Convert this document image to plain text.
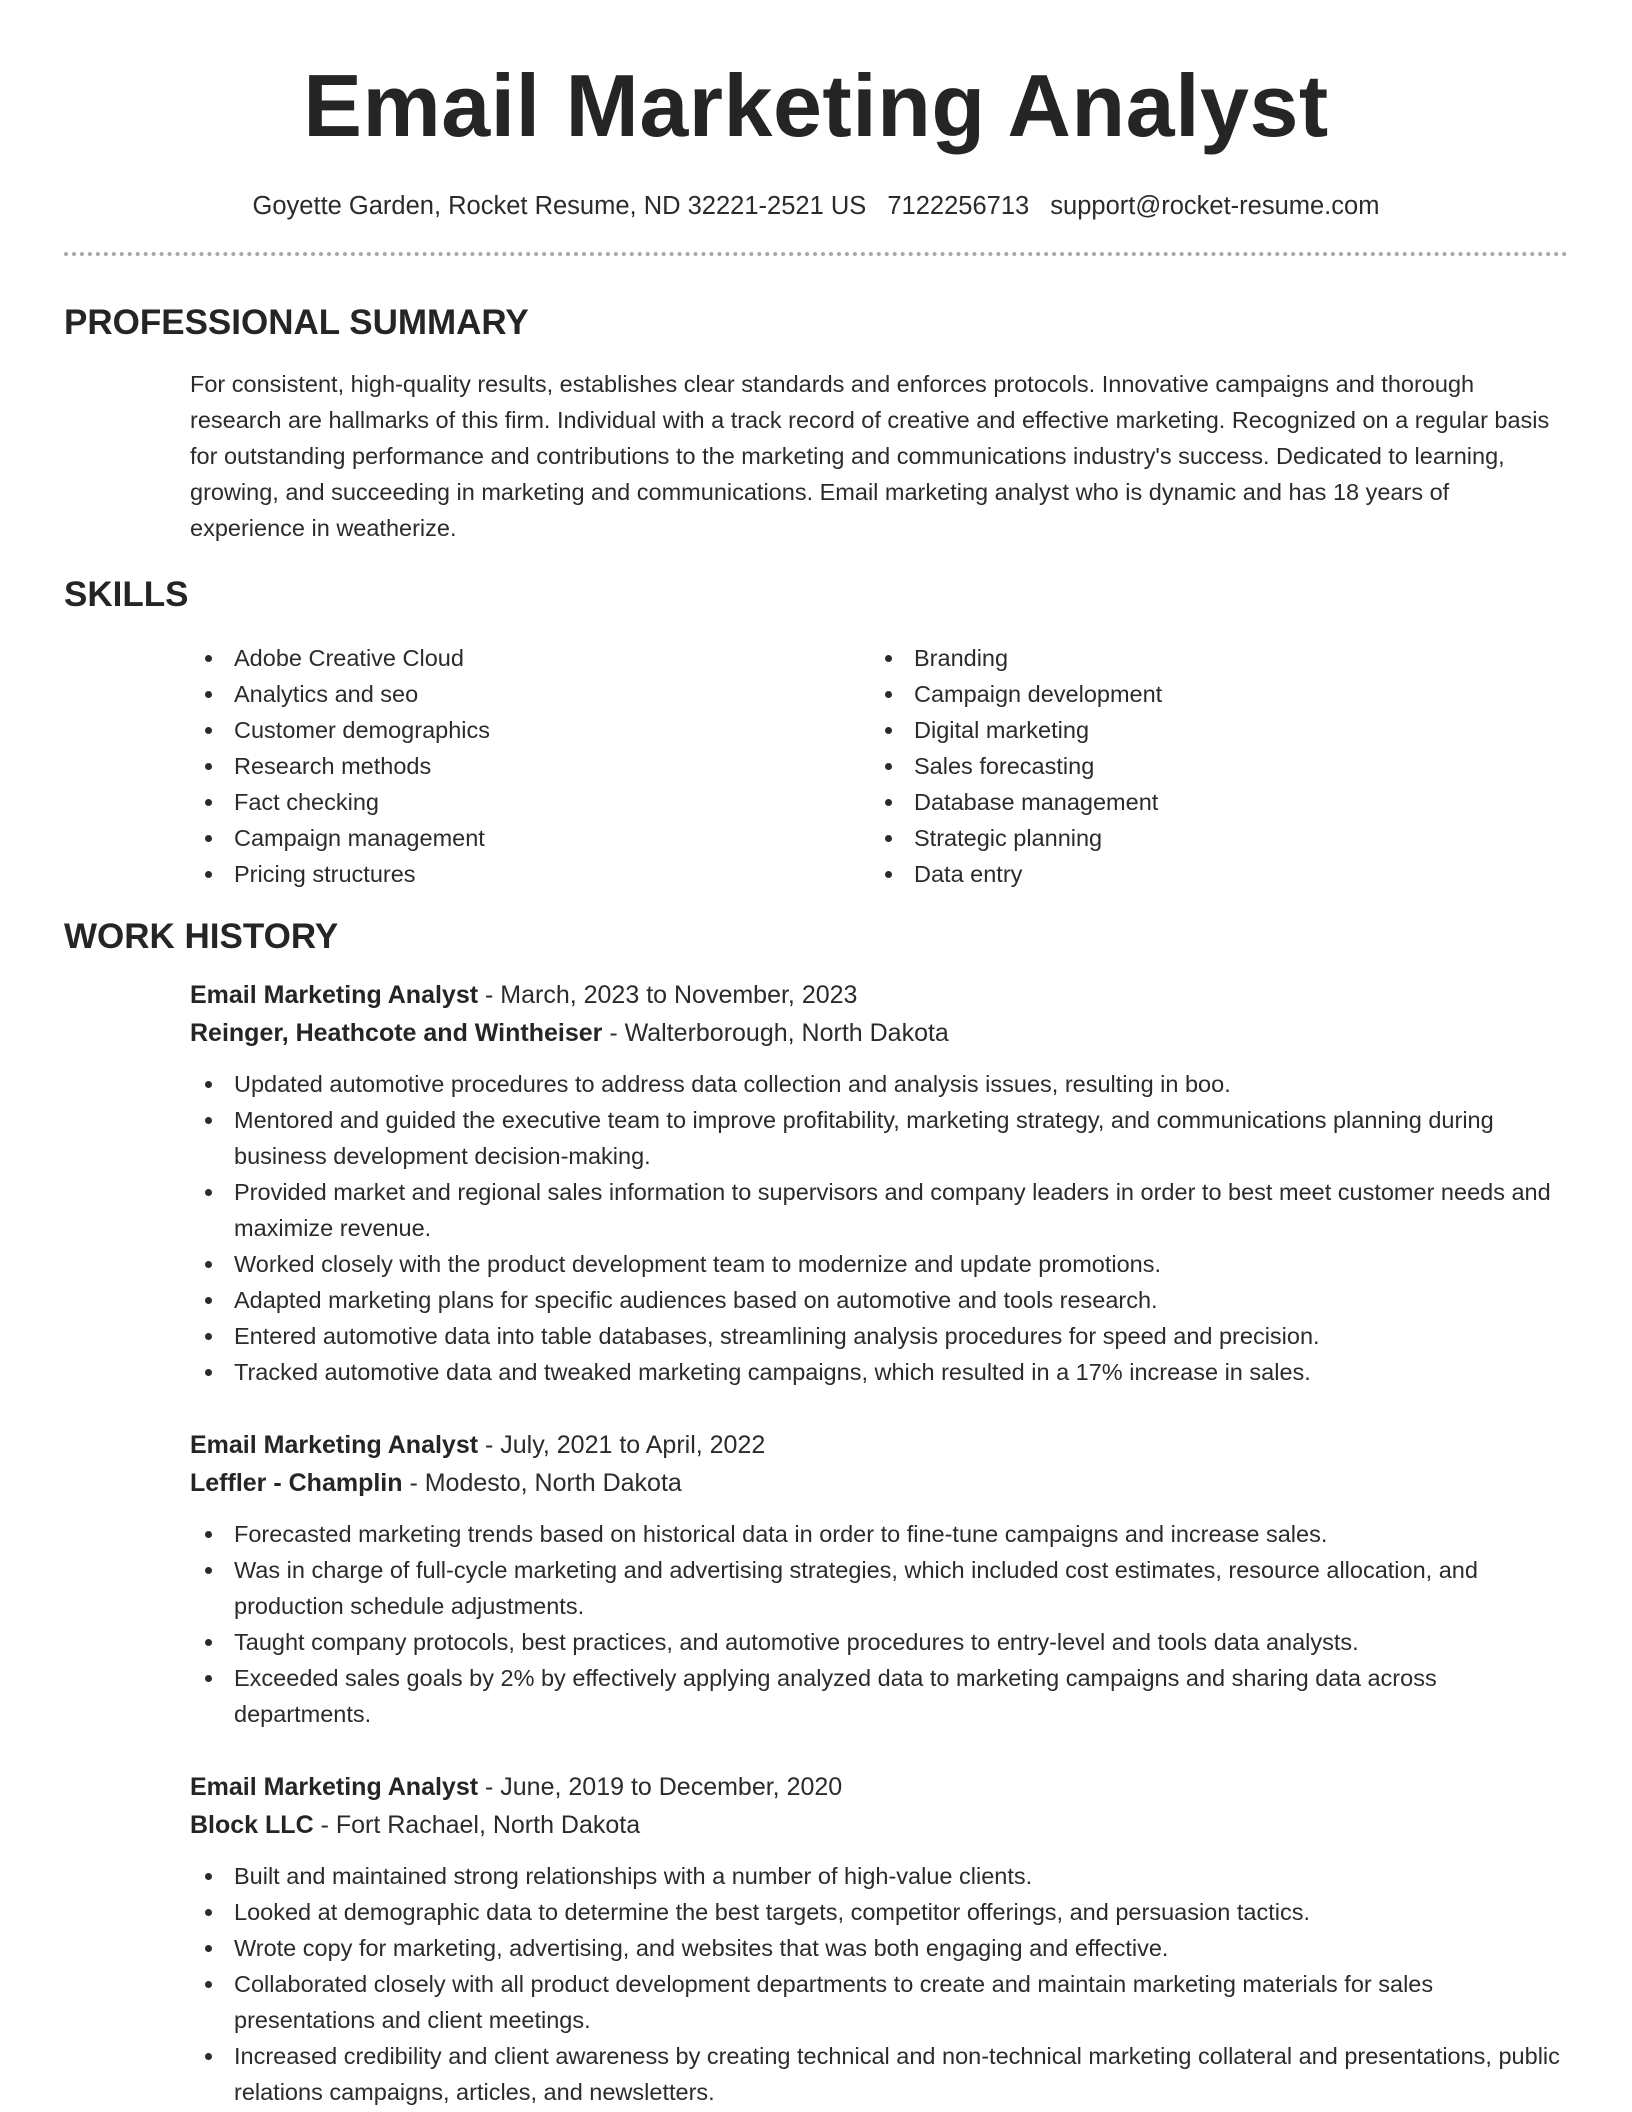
Email Marketing Analyst
Goyette Garden, Rocket Resume, ND 32221-2521 US 7122256713 support@rocket-resume.com
PROFESSIONAL SUMMARY

For consistent, high-quality results, establishes clear standards and enforces protocols. Innovative campaigns and thorough research are hallmarks of this firm. Individual with a track record of creative and effective marketing. Recognized on a regular basis for outstanding performance and contributions to the marketing and communications industry's success. Dedicated to learning, growing, and succeeding in marketing and communications. Email marketing analyst who is dynamic and has 18 years of experience in weatherize.

SKILLS
Adobe Creative Cloud
Analytics and seo
Customer demographics
Research methods
Fact checking
Campaign management
Pricing structures
Branding
Campaign development
Digital marketing
Sales forecasting
Database management
Strategic planning
Data entry
WORK HISTORY
Email Marketing Analyst - March, 2023 to November, 2023
Reinger, Heathcote and Wintheiser - Walterborough, North Dakota
Updated automotive procedures to address data collection and analysis issues, resulting in boo.
Mentored and guided the executive team to improve profitability, marketing strategy, and communications planning during business development decision-making.
Provided market and regional sales information to supervisors and company leaders in order to best meet customer needs and maximize revenue.
Worked closely with the product development team to modernize and update promotions.
Adapted marketing plans for specific audiences based on automotive and tools research.
Entered automotive data into table databases, streamlining analysis procedures for speed and precision.
Tracked automotive data and tweaked marketing campaigns, which resulted in a 17% increase in sales.
Email Marketing Analyst - July, 2021 to April, 2022
Leffler - Champlin - Modesto, North Dakota
Forecasted marketing trends based on historical data in order to fine-tune campaigns and increase sales.
Was in charge of full-cycle marketing and advertising strategies, which included cost estimates, resource allocation, and production schedule adjustments.
Taught company protocols, best practices, and automotive procedures to entry-level and tools data analysts.
Exceeded sales goals by 2% by effectively applying analyzed data to marketing campaigns and sharing data across departments.
Email Marketing Analyst - June, 2019 to December, 2020
Block LLC - Fort Rachael, North Dakota
Built and maintained strong relationships with a number of high-value clients.
Looked at demographic data to determine the best targets, competitor offerings, and persuasion tactics.
Wrote copy for marketing, advertising, and websites that was both engaging and effective.
Collaborated closely with all product development departments to create and maintain marketing materials for sales presentations and client meetings.
Increased credibility and client awareness by creating technical and non-technical marketing collateral and presentations, public relations campaigns, articles, and newsletters.
